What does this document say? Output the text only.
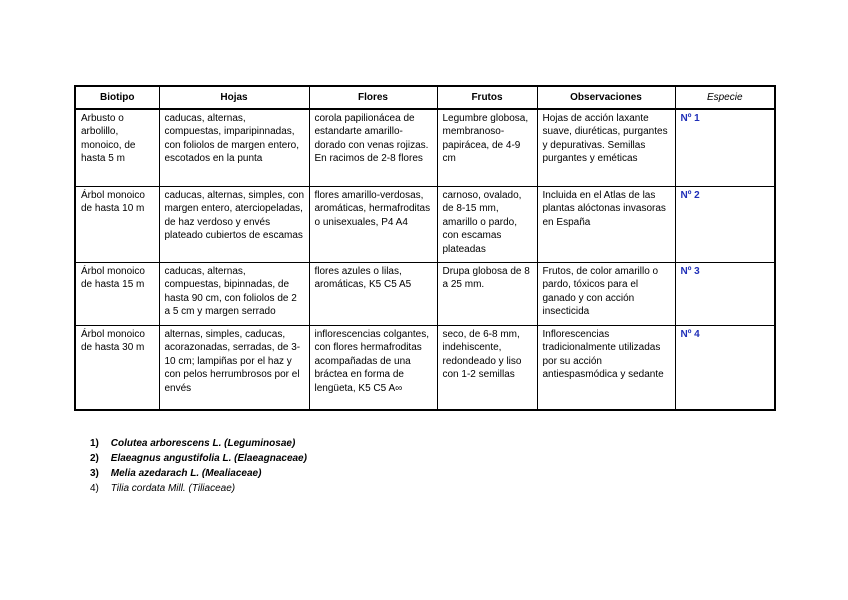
Biotipo	Hojas	Flores	Frutos	Observaciones	Especie
Arbusto o arbolillo, monoico, de hasta 5 m	caducas, alternas, compuestas, imparipinnadas, con foliolos de margen entero, escotados en la punta	corola papilionácea de estandarte amarillo-dorado con venas rojizas. En racimos de 2-8 flores	Legumbre globosa, membranoso-papirácea, de 4-9 cm	Hojas de acción laxante suave, diuréticas, purgantes y depurativas. Semillas purgantes y eméticas	Nº 1
Árbol monoico de hasta 10 m	caducas, alternas, simples, con margen entero, aterciopeladas, de haz verdoso y envés plateado cubiertos de escamas	flores amarillo-verdosas, aromáticas, hermafroditas o unisexuales, P4 A4	carnoso, ovalado, de 8-15 mm, amarillo o pardo, con escamas plateadas	Incluida en el Atlas de las plantas alóctonas invasoras en España	Nº 2
Árbol monoico de hasta 15 m	caducas, alternas, compuestas, bipinnadas, de hasta 90 cm, con foliolos de 2 a 5 cm y margen serrado	flores azules o lilas, aromáticas, K5 C5 A5	Drupa globosa de 8 a 25 mm.	Frutos, de color amarillo o pardo, tóxicos para el ganado y con acción insecticida	Nº 3
Árbol monoico de hasta 30 m	alternas, simples, caducas, acorazonadas, serradas, de 3-10 cm; lampiñas por el haz y con pelos herrumbrosos por el envés	inflorescencias colgantes, con flores hermafroditas acompañadas de una bráctea en forma de lengüeta, K5 C5 A∞	seco, de 6-8 mm, indehiscente, redondeado y liso con 1-2 semillas	Inflorescencias tradicionalmente utilizadas por su acción antiespasmódica y sedante	Nº 4
1) Colutea arborescens L. (Leguminosae)
2) Elaeagnus angustifolia L. (Elaeagnaceae)
3) Melia azedarach L. (Mealiaceae)
4) Tilia cordata Mill. (Tiliaceae)
